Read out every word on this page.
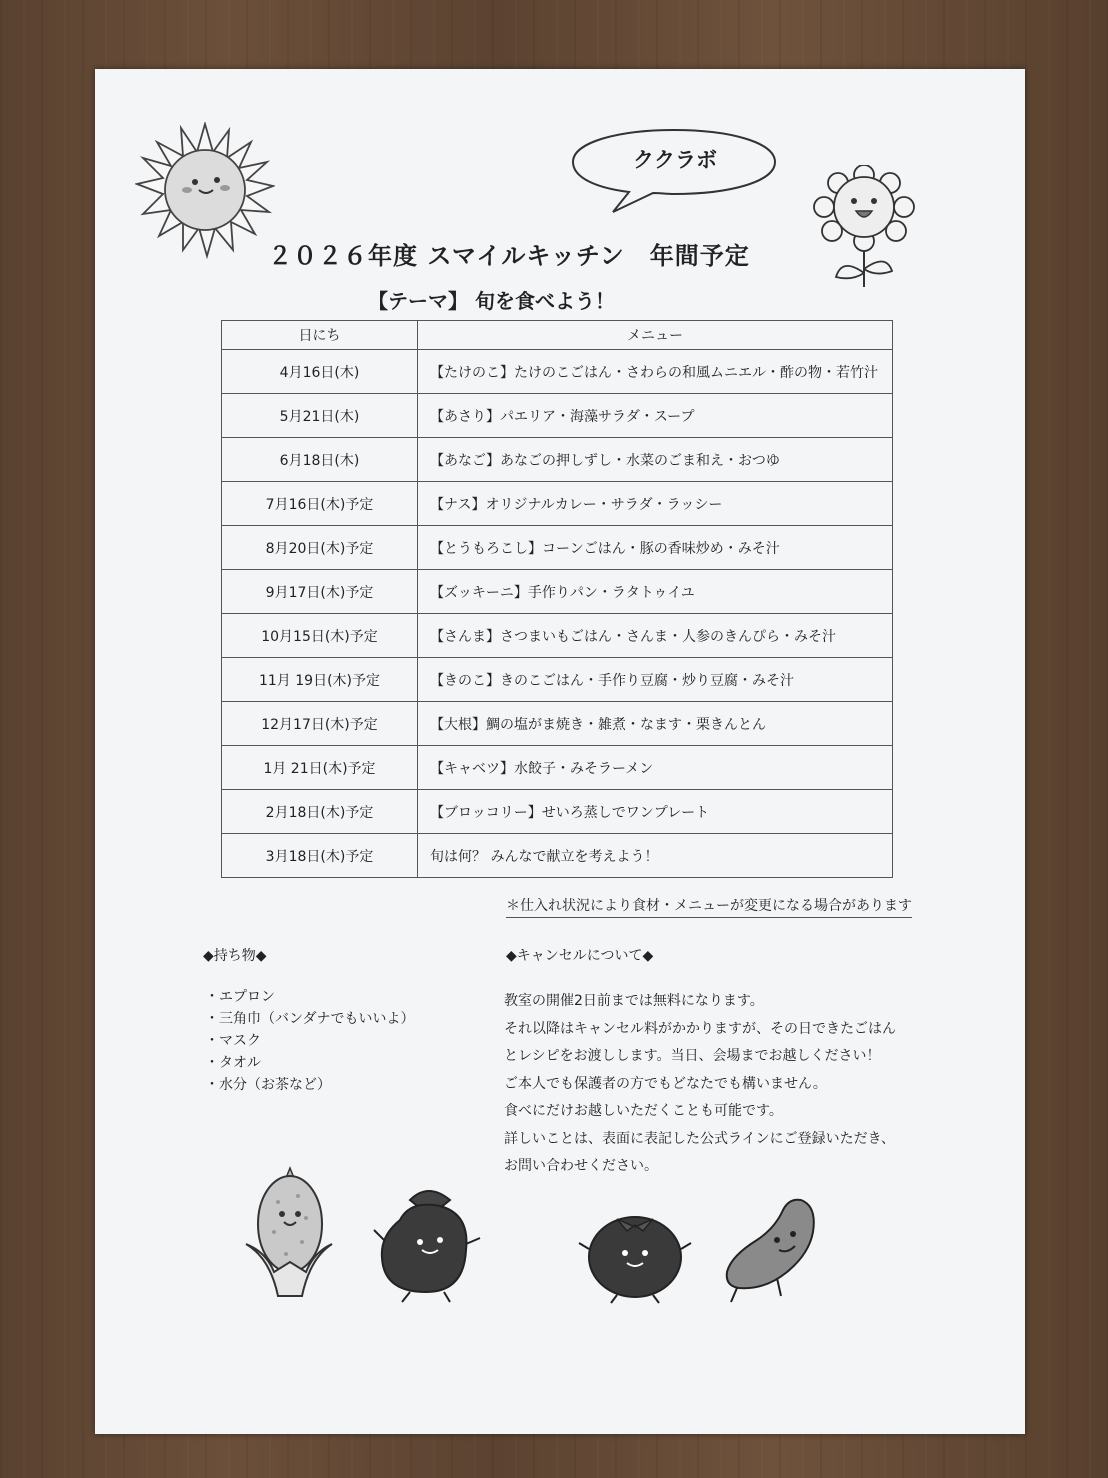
ククラボ
２０２６年度 スマイルキッチン　年間予定
【テーマ】 旬を食べよう！
日にち	メニュー
4月16日(木)	【たけのこ】たけのこごはん・さわらの和風ムニエル・酢の物・若竹汁
5月21日(木)	【あさり】パエリア・海藻サラダ・スープ
6月18日(木)	【あなご】あなごの押しずし・水菜のごま和え・おつゆ
7月16日(木)予定	【ナス】オリジナルカレー・サラダ・ラッシー
8月20日(木)予定	【とうもろこし】コーンごはん・豚の香味炒め・みそ汁
9月17日(木)予定	【ズッキーニ】手作りパン・ラタトゥイユ
10月15日(木)予定	【さんま】さつまいもごはん・さんま・人参のきんぴら・みそ汁
11月 19日(木)予定	【きのこ】きのこごはん・手作り豆腐・炒り豆腐・みそ汁
12月17日(木)予定	【大根】鯛の塩がま焼き・雑煮・なます・栗きんとん
1月 21日(木)予定	【キャベツ】水餃子・みそラーメン
2月18日(木)予定	【ブロッコリー】せいろ蒸しでワンプレート
3月18日(木)予定	旬は何？ みんなで献立を考えよう！
＊仕入れ状況により食材・メニューが変更になる場合があります
◆持ち物◆
・エプロン
・三角巾（バンダナでもいいよ）
・マスク
・タオル
・水分（お茶など）
◆キャンセルについて◆
教室の開催2日前までは無料になります。
それ以降はキャンセル料がかかりますが、その日できたごはん
とレシピをお渡しします。当日、会場までお越しください！
ご本人でも保護者の方でもどなたでも構いません。
食べにだけお越しいただくことも可能です。
詳しいことは、表面に表記した公式ラインにご登録いただき、
お問い合わせください。
